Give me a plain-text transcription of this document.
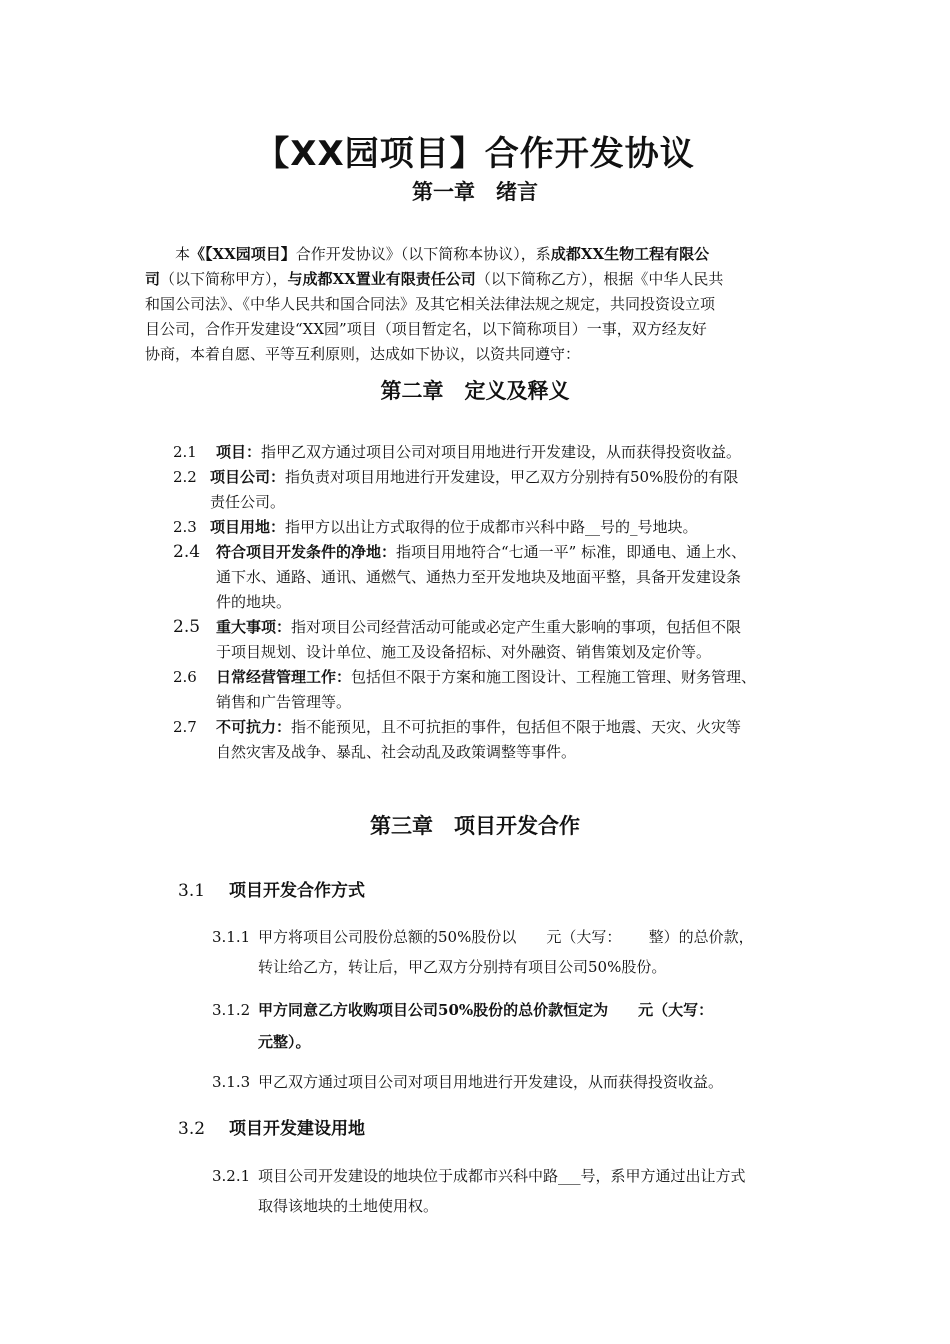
【XX园项目】合作开发协议
第一章　绪言
本《【XX园项目】合作开发协议》（以下简称本协议），系成都XX生物工程有限公
司（以下简称甲方），与成都XX置业有限责任公司（以下简称乙方），根据《中华人民共
和国公司法》、《中华人民共和国合同法》及其它相关法律法规之规定，共同投资设立项
目公司，合作开发建设“XX园”项目（项目暂定名，以下简称项目）一事，双方经友好
协商，本着自愿、平等互利原则，达成如下协议，以资共同遵守：
第二章　定义及释义
2.1 项目：指甲乙双方通过项目公司对项目用地进行开发建设，从而获得投资收益。
2.2 项目公司：指负责对项目用地进行开发建设，甲乙双方分别持有50%股份的有限
责任公司。
2.3 项目用地：指甲方以出让方式取得的位于成都市兴科中路__号的_号地块。
2.4 符合项目开发条件的净地：指项目用地符合“七通一平” 标准，即通电、通上水、
通下水、通路、通讯、通燃气、通热力至开发地块及地面平整，具备开发建设条
件的地块。
2.5 重大事项：指对项目公司经营活动可能或必定产生重大影响的事项，包括但不限
于项目规划、设计单位、施工及设备招标、对外融资、销售策划及定价等。
2.6 日常经营管理工作：包括但不限于方案和施工图设计、工程施工管理、财务管理、
销售和广告管理等。
2.7 不可抗力：指不能预见，且不可抗拒的事件，包括但不限于地震、天灾、火灾等
自然灾害及战争、暴乱、社会动乱及政策调整等事件。
第三章　项目开发合作
3.1 项目开发合作方式
3.1.1 甲方将项目公司股份总额的50%股份以　　元（大写：　　 整）的总价款，
转让给乙方，转让后，甲乙双方分别持有项目公司50%股份。
3.1.2 甲方同意乙方收购项目公司50%股份的总价款恒定为　　元（大写：
元整）。
3.1.3 甲乙双方通过项目公司对项目用地进行开发建设，从而获得投资收益。
3.2 项目开发建设用地
3.2.1 项目公司开发建设的地块位于成都市兴科中路___号，系甲方通过出让方式
取得该地块的土地使用权。
